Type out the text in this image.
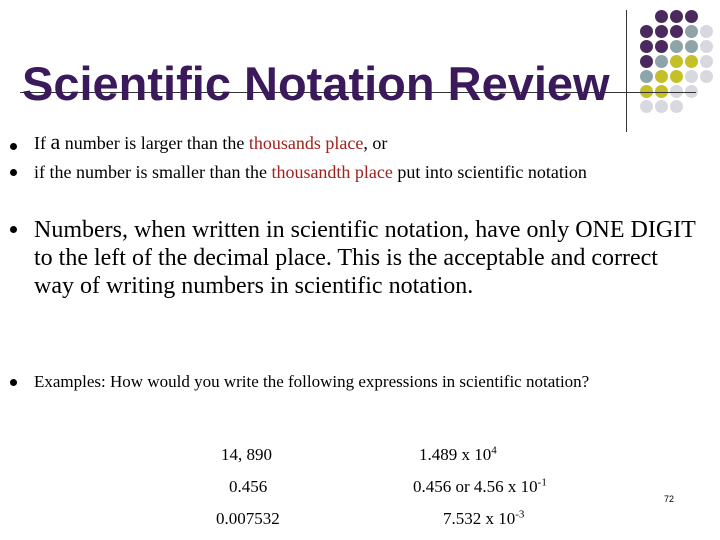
Scientific Notation Review
If a number is larger than the thousands place, or
if the number is smaller than the thousandth place put into scientific notation
Numbers, when written in scientific notation, have only ONE DIGIT to the left of the decimal place. This is the acceptable and correct way of writing numbers in scientific notation.
Examples: How would you write the following expressions in scientific notation?
14, 890	1.489 x $10^4$
0.456	0.456 or 4.56 x $10^{-1}$
0.007532	7.532 x $10^{-3}$
72
